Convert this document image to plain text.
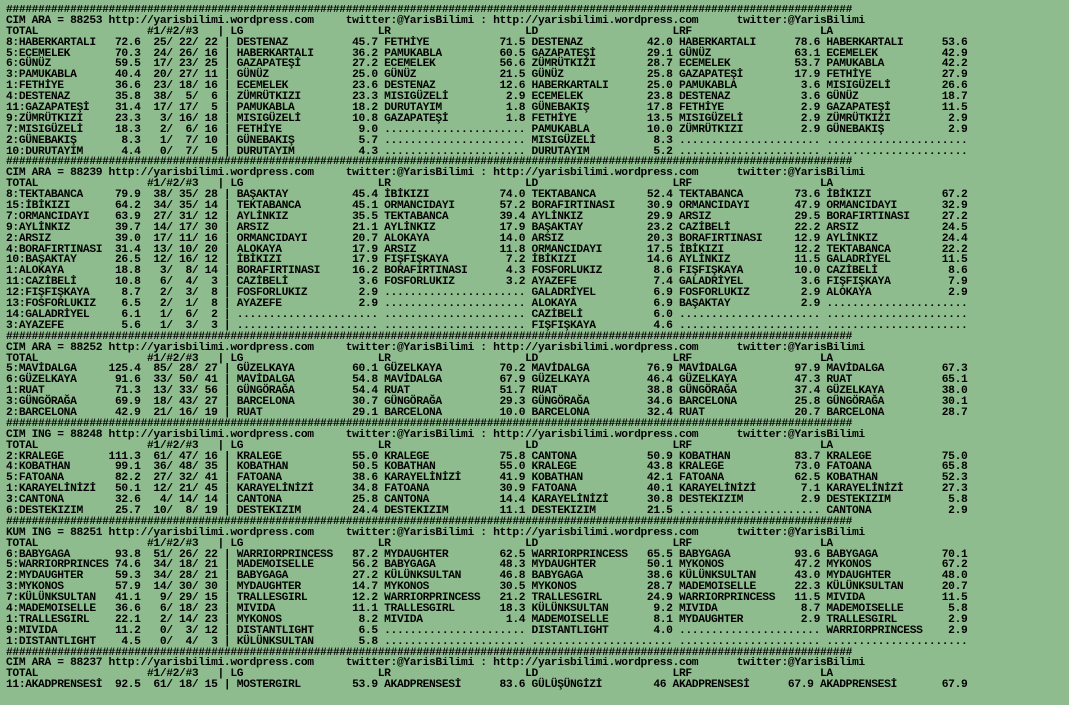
####################################################################################################################################
CIM ARA = 88253 http://yarisbilimi.wordpress.com     twitter:@YarisBilimi : http://yarisbilimi.wordpress.com      twitter:@YarisBilimi
TOTAL                 #1/#2/#3   | LG                     LR                     LD                     LRF                    LA
8:HABERKARTALI   72.6  25/ 22/ 22 | DESTENAZ          45.7 FETHİYE           71.5 DESTENAZ          42.0 HABERKARTALI      78.6 HABERKARTALI      53.6
5:ECEMELEK       70.3  24/ 26/ 16 | HABERKARTALI      36.2 PAMUKABLA         60.5 GAZAPATEŞİ        29.1 GÜNÜZ             63.1 ECEMELEK          42.9
6:GÜNÜZ          59.5  17/ 23/ 25 | GAZAPATEŞİ        27.2 ECEMELEK          56.6 ZÜMRÜTKIZI        28.7 ECEMELEK          53.7 PAMUKABLA         42.2
3:PAMUKABLA      40.4  20/ 27/ 11 | GÜNÜZ             25.0 GÜNÜZ             21.5 GÜNÜZ             25.8 GAZAPATEŞİ        17.9 FETHİYE           27.9
1:FETHİYE        36.6  23/ 18/ 16 | ECEMELEK          23.6 DESTENAZ          12.6 HABERKARTALI      25.0 PAMUKABLA          3.6 MISIGÜZELİ        26.6
4:DESTENAZ       35.8  38/  5/  6 | ZÜMRÜTKIZI        23.3 MISIGÜZELİ         2.9 ECEMELEK          23.8 DESTENAZ           3.6 GÜNÜZ             18.7
11:GAZAPATEŞİ    31.4  17/ 17/  5 | PAMUKABLA         18.2 DURUTAYIM          1.8 GÜNEBAKIŞ         17.8 FETHİYE            2.9 GAZAPATEŞİ        11.5
9:ZÜMRÜTKIZI     23.3   3/ 16/ 18 | MISIGÜZELİ        10.8 GAZAPATEŞİ         1.8 FETHİYE           13.5 MISIGÜZELİ         2.9 ZÜMRÜTKIZI         2.9
7:MISIGÜZELİ     18.3   2/  6/ 16 | FETHİYE            9.0 ...................... PAMUKABLA         10.0 ZÜMRÜTKIZI         2.9 GÜNEBAKIŞ          2.9
2:GÜNEBAKIŞ       8.3   1/  7/ 10 | GÜNEBAKIŞ          5.7 ...................... MISIGÜZELİ         8.3 ...................... ......................
10:DURUTAYIM      4.4   0/  7/  5 | DURUTAYIM          4.3 ...................... DURUTAYIM          5.2 ...................... ......................
####################################################################################################################################
CIM ARA = 88239 http://yarisbilimi.wordpress.com     twitter:@YarisBilimi : http://yarisbilimi.wordpress.com      twitter:@YarisBilimi
TOTAL                 #1/#2/#3   | LG                     LR                     LD                     LRF                    LA
8:TEKTABANCA     79.9  38/ 35/ 28 | BAŞAKTAY          45.4 İBİKIZI           74.0 TEKTABANCA        52.4 TEKTABANCA        73.6 İBİKIZI           67.2
15:İBİKIZI       64.2  34/ 35/ 14 | TEKTABANCA        45.1 ORMANCIDAYI       57.2 BORAFIRTINASI     30.9 ORMANCIDAYI       47.9 ORMANCIDAYI       32.9
7:ORMANCIDAYI    63.9  27/ 31/ 12 | AYLİNKIZ          35.5 TEKTABANCA        39.4 AYLİNKIZ          29.9 ARSIZ             29.5 BORAFIRTINASI     27.2
9:AYLİNKIZ       39.7  14/ 17/ 30 | ARSIZ             21.1 AYLİNKIZ          17.9 BAŞAKTAY          23.2 CAZİBELİ          22.2 ARSIZ             24.5
2:ARSIZ          39.0  17/ 11/ 16 | ORMANCIDAYI       20.7 ALOKAYA           14.0 ARSIZ             20.3 BORAFIRTINASI     12.9 AYLİNKIZ          24.4
4:BORAFIRTINASI  31.4  13/ 10/ 20 | ALOKAYA           17.9 ARSIZ             11.8 ORMANCIDAYI       17.5 İBİKIZI           12.2 TEKTABANCA        22.2
10:BAŞAKTAY      26.5  12/ 16/ 12 | İBİKIZI           17.9 FIŞFIŞKAYA         7.2 İBİKIZI           14.6 AYLİNKIZ          11.5 GALADRİYEL        11.5
1:ALOKAYA        18.8   3/  8/ 14 | BORAFIRTINASI     16.2 BORAFIRTINASI      4.3 FOSFORLUKIZ        8.6 FIŞFIŞKAYA        10.0 CAZİBELİ           8.6
11:CAZİBELİ      10.8   6/  4/  3 | CAZİBELİ           3.6 FOSFORLUKIZ        3.2 AYAZEFE            7.4 GALADRİYEL         3.6 FIŞFIŞKAYA         7.9
12:FIŞFIŞKAYA     8.7   2/  3/  8 | FOSFORLUKIZ        2.9 ...................... GALADRİYEL         6.9 FOSFORLUKIZ        2.9 ALOKAYA            2.9
13:FOSFORLUKIZ    6.5   2/  1/  8 | AYAZEFE            2.9 ...................... ALOKAYA            6.9 BAŞAKTAY           2.9 ......................
14:GALADRİYEL     6.1   1/  6/  2 | ...................... ...................... CAZİBELİ           6.0 ...................... ......................
3:AYAZEFE         5.6   1/  3/  3 | ...................... ...................... FIŞFIŞKAYA         4.6 ...................... ......................
####################################################################################################################################
CIM ARA = 88252 http://yarisbilimi.wordpress.com     twitter:@YarisBilimi : http://yarisbilimi.wordpress.com      twitter:@YarisBilimi
TOTAL                 #1/#2/#3   | LG                     LR                     LD                     LRF                    LA
5:MAVİDALGA     125.4  85/ 28/ 27 | GÜZELKAYA         60.1 GÜZELKAYA         70.2 MAVİDALGA         76.9 MAVİDALGA         97.9 MAVİDALGA         67.3
6:GÜZELKAYA      91.6  33/ 50/ 41 | MAVİDALGA         54.8 MAVİDALGA         67.9 GÜZELKAYA         46.4 GÜZELKAYA         47.3 RUAT              65.1
1:RUAT           71.3  13/ 33/ 56 | GÜNGÖRAĞA         54.4 RUAT              51.7 RUAT              38.8 GÜNGÖRAĞA         37.4 GÜZELKAYA         38.0
3:GÜNGÖRAĞA      69.9  18/ 43/ 27 | BARCELONA         30.7 GÜNGÖRAĞA         29.3 GÜNGÖRAĞA         34.6 BARCELONA         25.8 GÜNGÖRAĞA         30.1
2:BARCELONA      42.9  21/ 16/ 19 | RUAT              29.1 BARCELONA         10.0 BARCELONA         32.4 RUAT              20.7 BARCELONA         28.7
####################################################################################################################################
CIM ING = 88248 http://yarisbilimi.wordpress.com     twitter:@YarisBilimi : http://yarisbilimi.wordpress.com      twitter:@YarisBilimi
TOTAL                 #1/#2/#3   | LG                     LR                     LD                     LRF                    LA
2:KRALEGE       111.3  61/ 47/ 16 | KRALEGE           55.0 KRALEGE           75.8 CANTONA           50.9 KOBATHAN          83.7 KRALEGE           75.0
4:KOBATHAN       99.1  36/ 48/ 35 | KOBATHAN          50.5 KOBATHAN          55.0 KRALEGE           43.8 KRALEGE           73.0 FATOANA           65.8
5:FATOANA        82.2  27/ 32/ 41 | FATOANA           38.6 KARAYELİNİZİ      41.9 KOBATHAN          42.1 FATOANA           62.5 KOBATHAN          52.3
1:KARAYELİNİZİ   50.1  12/ 21/ 45 | KARAYELİNİZİ      34.8 FATOANA           30.9 FATOANA           40.1 KARAYELİNİZİ       7.1 KARAYELİNİZİ      27.3
3:CANTONA        32.6   4/ 14/ 14 | CANTONA           25.8 CANTONA           14.4 KARAYELİNİZİ      30.8 DESTEKIZIM         2.9 DESTEKIZIM         5.8
6:DESTEKIZIM     25.7  10/  8/ 19 | DESTEKIZIM        24.4 DESTEKIZIM        11.1 DESTEKIZIM        21.5 ...................... CANTONA            2.9
####################################################################################################################################
KUM ING = 88251 http://yarisbilimi.wordpress.com     twitter:@YarisBilimi : http://yarisbilimi.wordpress.com      twitter:@YarisBilimi
TOTAL                 #1/#2/#3   | LG                     LR                     LD                     LRF                    LA
6:BABYGAGA       93.8  51/ 26/ 22 | WARRIORPRINCESS   87.2 MYDAUGHTER        62.5 WARRIORPRINCESS   65.5 BABYGAGA          93.6 BABYGAGA          70.1
5:WARRIORPRINCES 74.6  34/ 18/ 21 | MADEMOISELLE      56.2 BABYGAGA          48.3 MYDAUGHTER        50.1 MYKONOS           47.2 MYKONOS           67.2
2:MYDAUGHTER     59.3  34/ 28/ 21 | BABYGAGA          27.2 KÜLÜNKSULTAN      46.8 BABYGAGA          38.6 KÜLÜNKSULTAN      43.0 MYDAUGHTER        48.0
3:MYKONOS        57.9  14/ 30/ 30 | MYDAUGHTER        14.7 MYKONOS           30.5 MYKONOS           28.7 MADEMOISELLE      22.3 KÜLÜNKSULTAN      20.7
7:KÜLÜNKSULTAN   41.1   9/ 29/ 15 | TRALLESGIRL       12.2 WARRIORPRINCESS   21.2 TRALLESGIRL       24.9 WARRIORPRINCESS   11.5 MIVIDA            11.5
4:MADEMOISELLE   36.6   6/ 18/ 23 | MIVIDA            11.1 TRALLESGIRL       18.3 KÜLÜNKSULTAN       9.2 MIVIDA             8.7 MADEMOISELLE       5.8
1:TRALLESGIRL    22.1   2/ 14/ 23 | MYKONOS            8.2 MIVIDA             1.4 MADEMOISELLE       8.1 MYDAUGHTER         2.9 TRALLESGIRL        2.9
9:MIVIDA         11.2   0/  3/ 12 | DISTANTLIGHT       6.5 ...................... DISTANTLIGHT       4.0 ...................... WARRIORPRINCESS    2.9
1:DISTANTLIGHT    4.5   0/  4/  3 | KÜLÜNKSULTAN       5.8 ...................... ...................... ...................... ......................
####################################################################################################################################
CIM ARA = 88237 http://yarisbilimi.wordpress.com     twitter:@YarisBilimi : http://yarisbilimi.wordpress.com      twitter:@YarisBilimi
TOTAL                 #1/#2/#3   | LG                     LR                     LD                     LRF                    LA
11:AKADPRENSESİ  92.5  61/ 18/ 15 | MOSTERGIRL        53.9 AKADPRENSESİ      83.6 GÜLÜŞÜNGİZİ        46 AKADPRENSESİ      67.9 AKADPRENSESİ       67.9
